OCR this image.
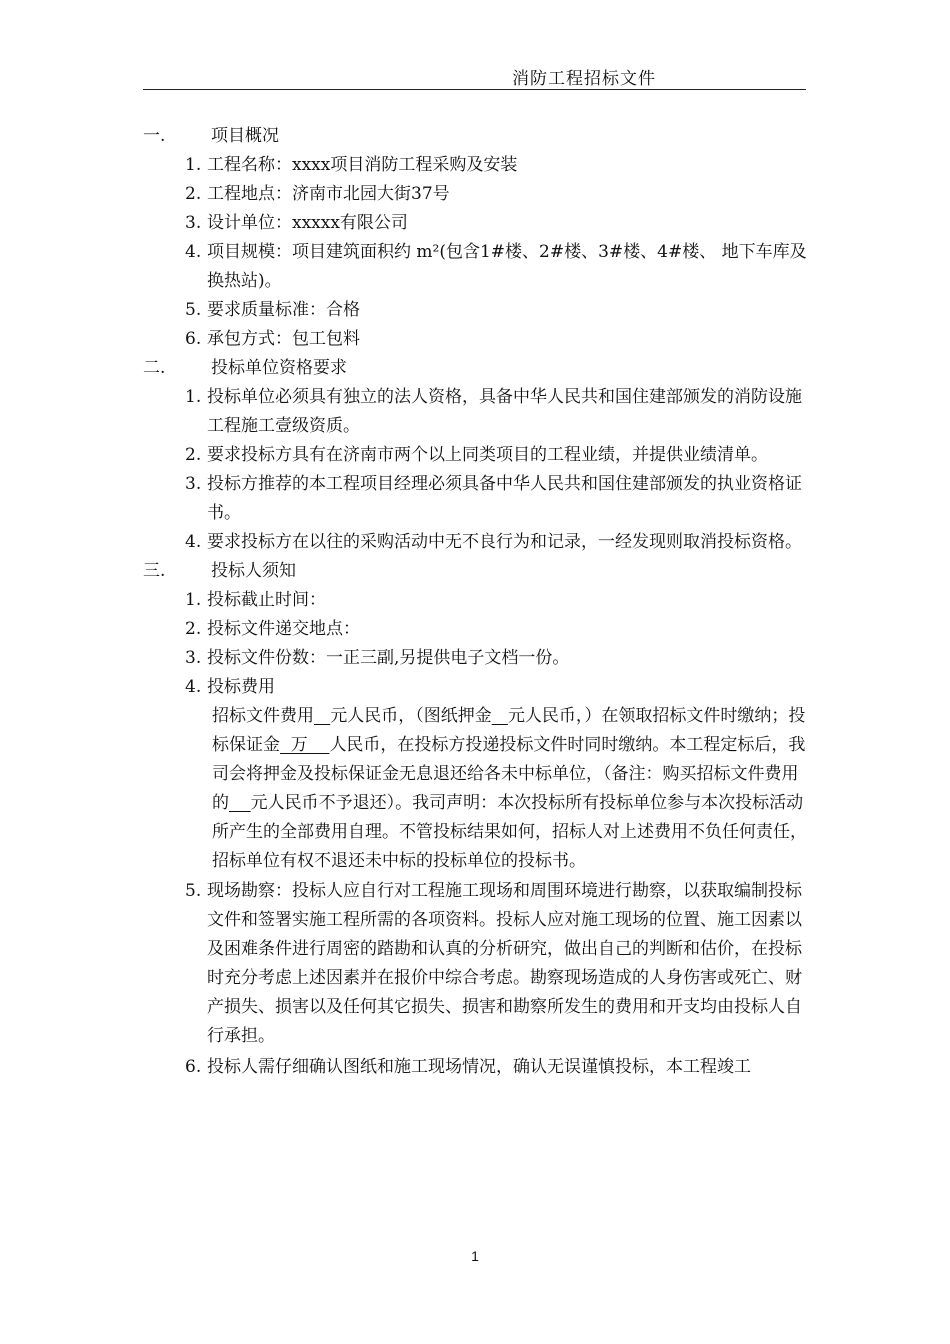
消防工程招标文件
一.	项目概况
1. 工程名称：xxxx项目消防工程采购及安装
2. 工程地点：济南市北园大街37号
3. 设计单位：xxxxx有限公司
4. 项目规模：项目建筑面积约 m²(包含1#楼、2#楼、3#楼、4#楼、 地下车库及换热站)。
5. 要求质量标准：合格
6. 承包方式：包工包料
二.	投标单位资格要求
1. 投标单位必须具有独立的法人资格，具备中华人民共和国住建部颁发的消防设施工程施工壹级资质。
2. 要求投标方具有在济南市两个以上同类项目的工程业绩，并提供业绩清单。
3. 投标方推荐的本工程项目经理必须具备中华人民共和国住建部颁发的执业资格证书。
4. 要求投标方在以往的采购活动中无不良行为和记录，一经发现则取消投标资格。
三.	投标人须知
1. 投标截止时间：
2. 投标文件递交地点：
3. 投标文件份数：一正三副,另提供电子文档一份。
4. 投标费用
招标文件费用 元人民币，（图纸押金 元人民币，）在领取招标文件时缴纳；投标保证金  万    人民币，在投标方投递投标文件时同时缴纳。本工程定标后，我司会将押金及投标保证金无息退还给各未中标单位，（备注：购买招标文件费用的 元人民币不予退还）。我司声明：本次投标所有投标单位参与本次投标活动所产生的全部费用自理。不管投标结果如何，招标人对上述费用不负任何责任，招标单位有权不退还未中标的投标单位的投标书。
5. 现场勘察：投标人应自行对工程施工现场和周围环境进行勘察，以获取编制投标文件和签署实施工程所需的各项资料。投标人应对施工现场的位置、施工因素以及困难条件进行周密的踏勘和认真的分析研究，做出自己的判断和估价，在投标时充分考虑上述因素并在报价中综合考虑。勘察现场造成的人身伤害或死亡、财产损失、损害以及任何其它损失、损害和勘察所发生的费用和开支均由投标人自行承担。
6. 投标人需仔细确认图纸和施工现场情况，确认无误谨慎投标，本工程竣工
1
